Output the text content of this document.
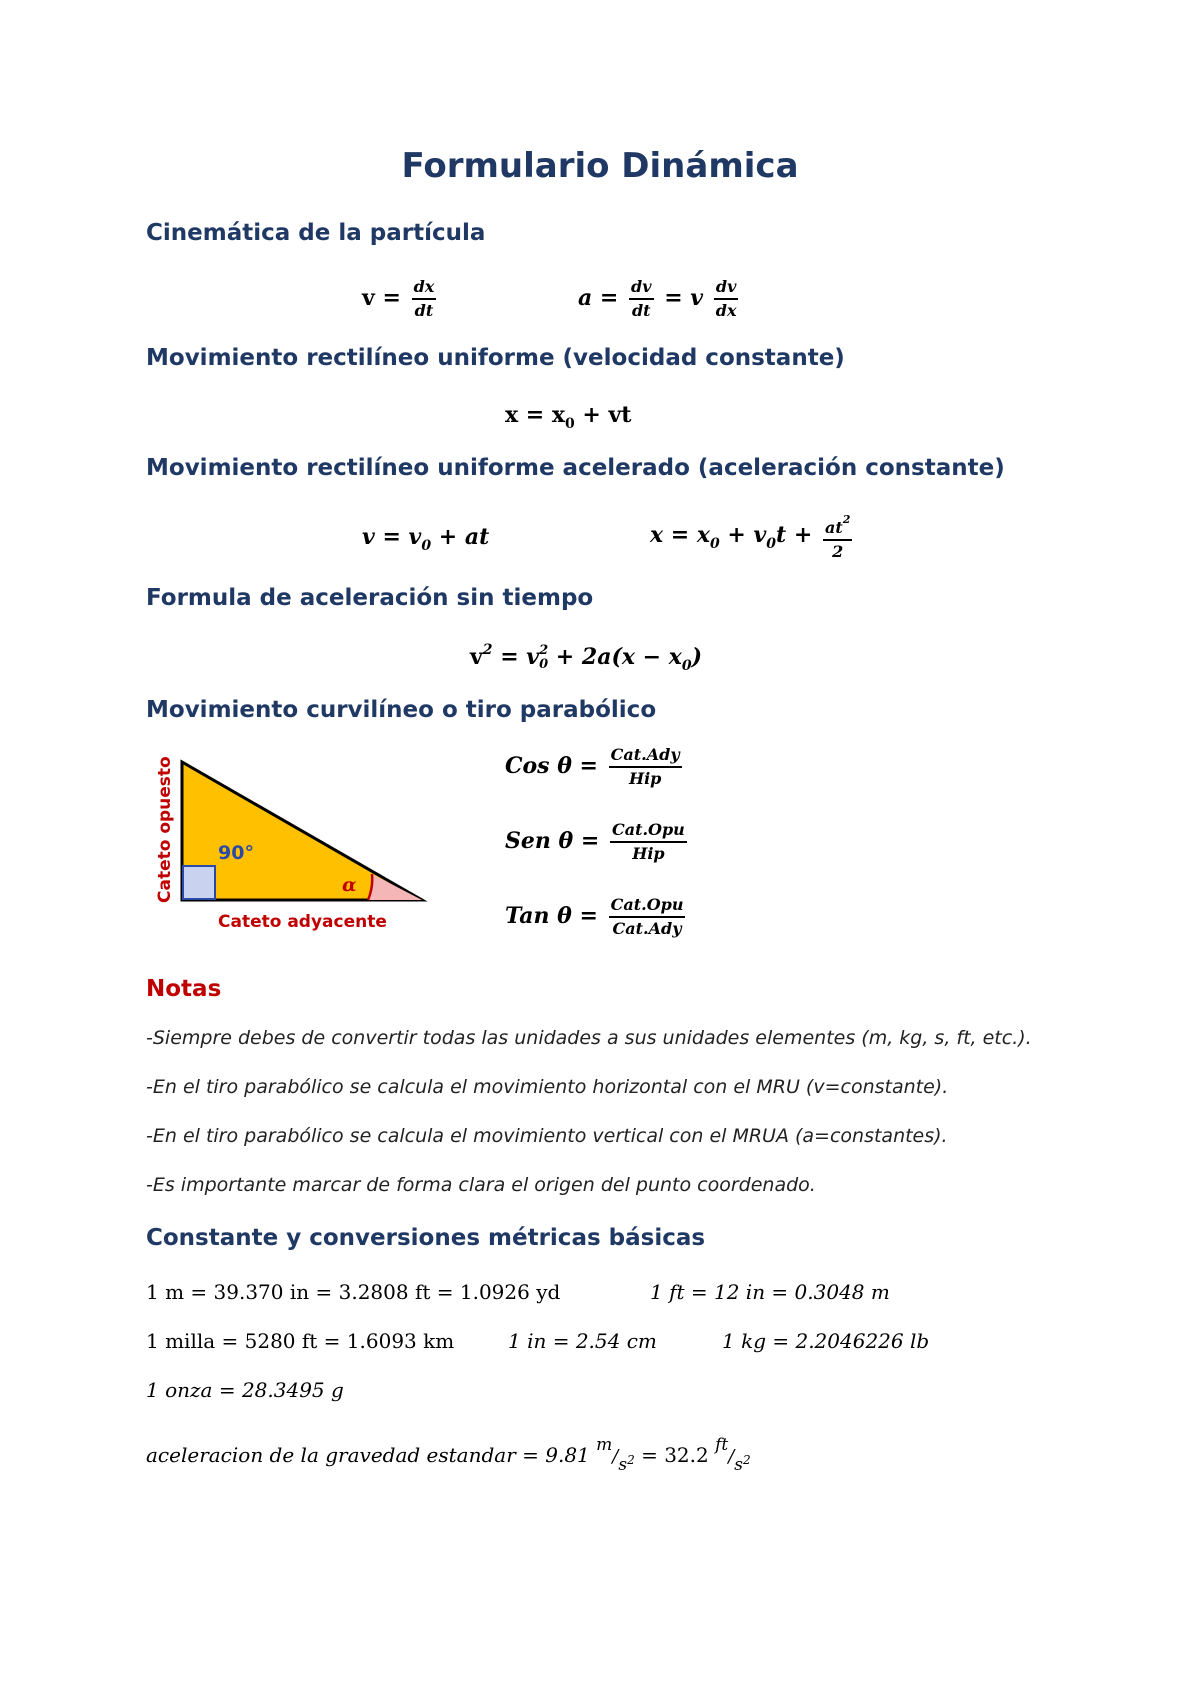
Formulario Dinámica
Cinemática de la partícula
$v = \frac{dx}{dt}$	$a = \frac{dv}{dt} = v \frac{dv}{dx}$
Movimiento rectilíneo uniforme (velocidad constante)
$x = x_0$ + vt
Movimiento rectilíneo uniforme acelerado (aceleración constante)
$v = v_0$ + at	$x = x_0 + v_0t + \frac{at^2}{2}$
Formula de aceleración sin tiempo
$v^2 = v$ 2
$0 + 2a(x - x_0)$
Movimiento curvilíneo o tiro parabólico
90°
α
Cateto adyacente
Cateto opuesto	Cos $\theta = \frac{\text{Cat.Ady}}{\text{Hip}}$
Sen $\theta = \frac{\text{Cat.Opu}}{\text{Hip}}$
Tan $\theta = \frac{\text{Cat.Opu}}{\text{Cat.Ady}}$
Notas
-Siempre debes de convertir todas las unidades a sus unidades elementes (m, kg, s, ft, etc.).
-En el tiro parabólico se calcula el movimiento horizontal con el MRU (v=constante).
-En el tiro parabólico se calcula el movimiento vertical con el MRUA (a=constantes).
-Es importante marcar de forma clara el origen del punto coordenado.
Constante y conversiones métricas básicas
1 m = 39.370 in = 3.2808 ft = 1.0926 yd	1 ft = 12 in = 0.3048 m
1 milla = 5280 ft = 1.6093 km	1 in = 2.54 cm	1 kg = 2.2046226 lb
1 onza = 28.3495 g
aceleracion de la gravedad estandar = 9.81 $^m/_s2 = 32.2$ $^{ft}/_s2$
